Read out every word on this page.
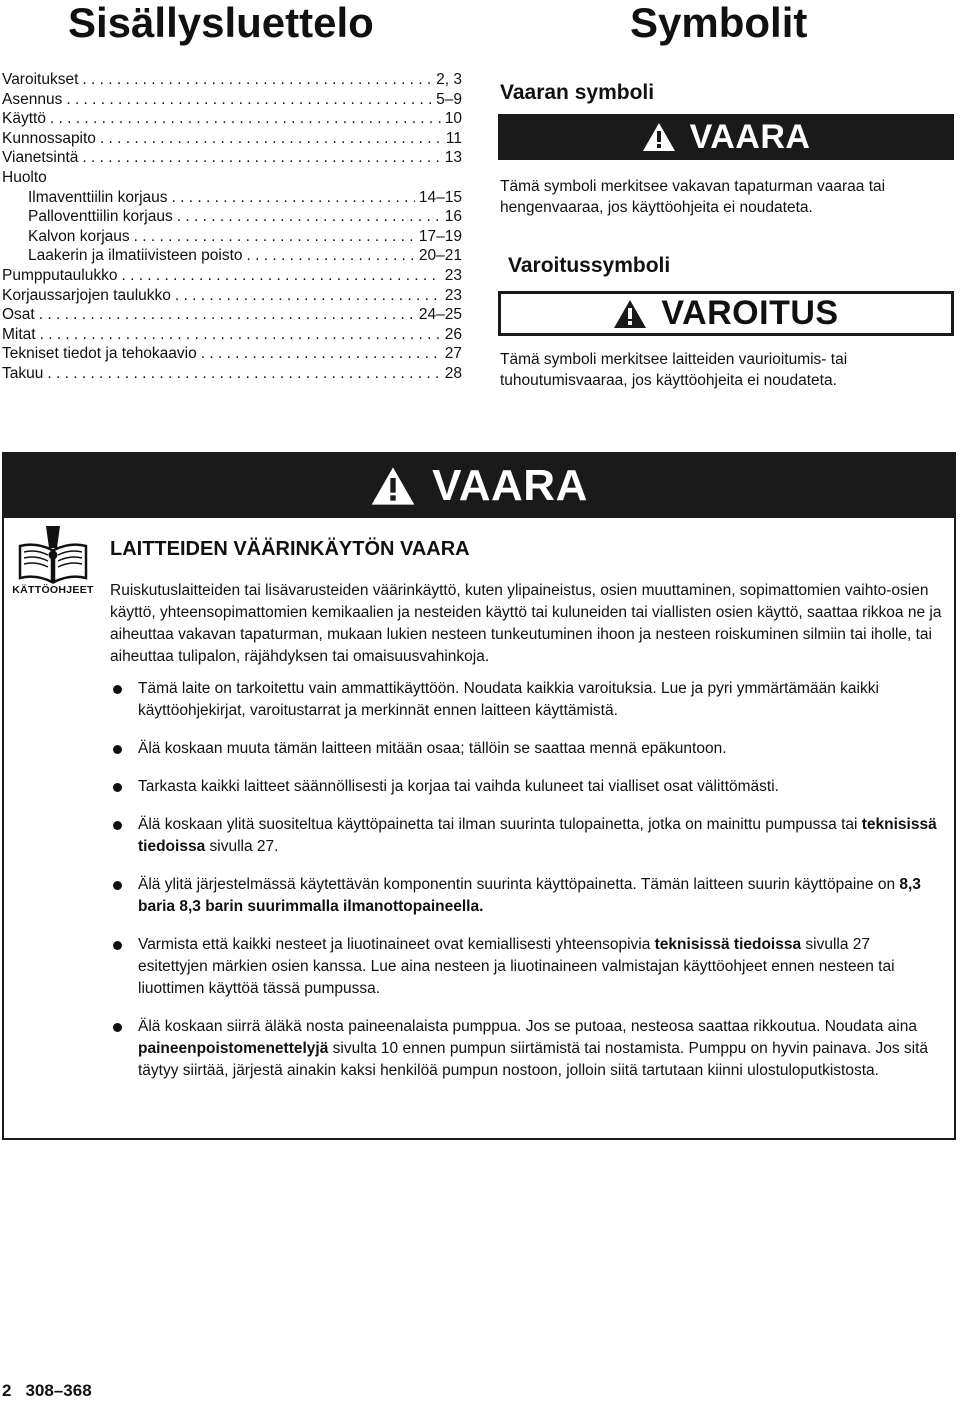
Sisällysluettelo	Symbolit
Varoitukset . . .	2, 3
Asennus . . .	5–9
Käyttö . . .	10
Kunnossapito . . .	11
Vianetsintä . . .	13
Huolto
Ilmaventtiilin korjaus . . .	14–15
Palloventtiilin korjaus . . .	16
Kalvon korjaus . . .	17–19
Laakerin ja ilmatiivisteen poisto . . .	20–21
Pumpputaulukko . . .	23
Korjaussarjojen taulukko . . .	23
Osat . . .	24–25
Mitat . . .	26
Tekniset tiedot ja tehokaavio . . .	27
Takuu . . .	28
Vaaran symboli
VAARA
Tämä symboli merkitsee vakavan tapaturman vaaraa tai hengenvaaraa, jos käyttöohjeita ei noudateta.
Varoitussymboli
VAROITUS
Tämä symboli merkitsee laitteiden vaurioitumis- tai tuhoutumisvaaraa, jos käyttöohjeita ei noudateta.
VAARA
KÄTTÖOHJEET
LAITTEIDEN VÄÄRINKÄYTÖN VAARA
Ruiskutuslaitteiden tai lisävarusteiden väärinkäyttö, kuten ylipaineistus, osien muuttaminen, sopimattomien vaihto-osien käyttö, yhteensopimattomien kemikaalien ja nesteiden käyttö tai kuluneiden tai viallisten osien käyttö, saattaa rikkoa ne ja aiheuttaa vakavan tapaturman, mukaan lukien nesteen tunkeutuminen ihoon ja nesteen roiskuminen silmiin tai iholle, tai aiheuttaa tulipalon, räjähdyksen tai omaisuusvahinkoja.
Tämä laite on tarkoitettu vain ammattikäyttöön. Noudata kaikkia varoituksia. Lue ja pyri ymmärtämään kaikki käyttöohjekirjat, varoitustarrat ja merkinnät ennen laitteen käyttämistä.
Älä koskaan muuta tämän laitteen mitään osaa; tällöin se saattaa mennä epäkuntoon.
Tarkasta kaikki laitteet säännöllisesti ja korjaa tai vaihda kuluneet tai vialliset osat välittömästi.
Älä koskaan ylitä suositeltua käyttöpainetta tai ilman suurinta tulopainetta, jotka on mainittu pumpussa tai teknisissä tiedoissa sivulla 27.
Älä ylitä järjestelmässä käytettävän komponentin suurinta käyttöpainetta. Tämän laitteen suurin käyttöpaine on 8,3 baria 8,3 barin suurimmalla ilmanottopaineella.
Varmista että kaikki nesteet ja liuotinaineet ovat kemiallisesti yhteensopivia teknisissä tiedoissa sivulla 27 esitettyjen märkien osien kanssa. Lue aina nesteen ja liuotinaineen valmistajan käyttöohjeet ennen nesteen tai liuottimen käyttöä tässä pumpussa.
Älä koskaan siirrä äläkä nosta paineenalaista pumppua. Jos se putoaa, nesteosa saattaa rikkoutua. Noudata aina paineenpoistomenettelyjä sivulta 10 ennen pumpun siirtämistä tai nostamista. Pumppu on hyvin painava. Jos sitä täytyy siirtää, järjestä ainakin kaksi henkilöä pumpun nostoon, jolloin siitä tartutaan kiinni ulostuloputkistosta.
2 308–368
